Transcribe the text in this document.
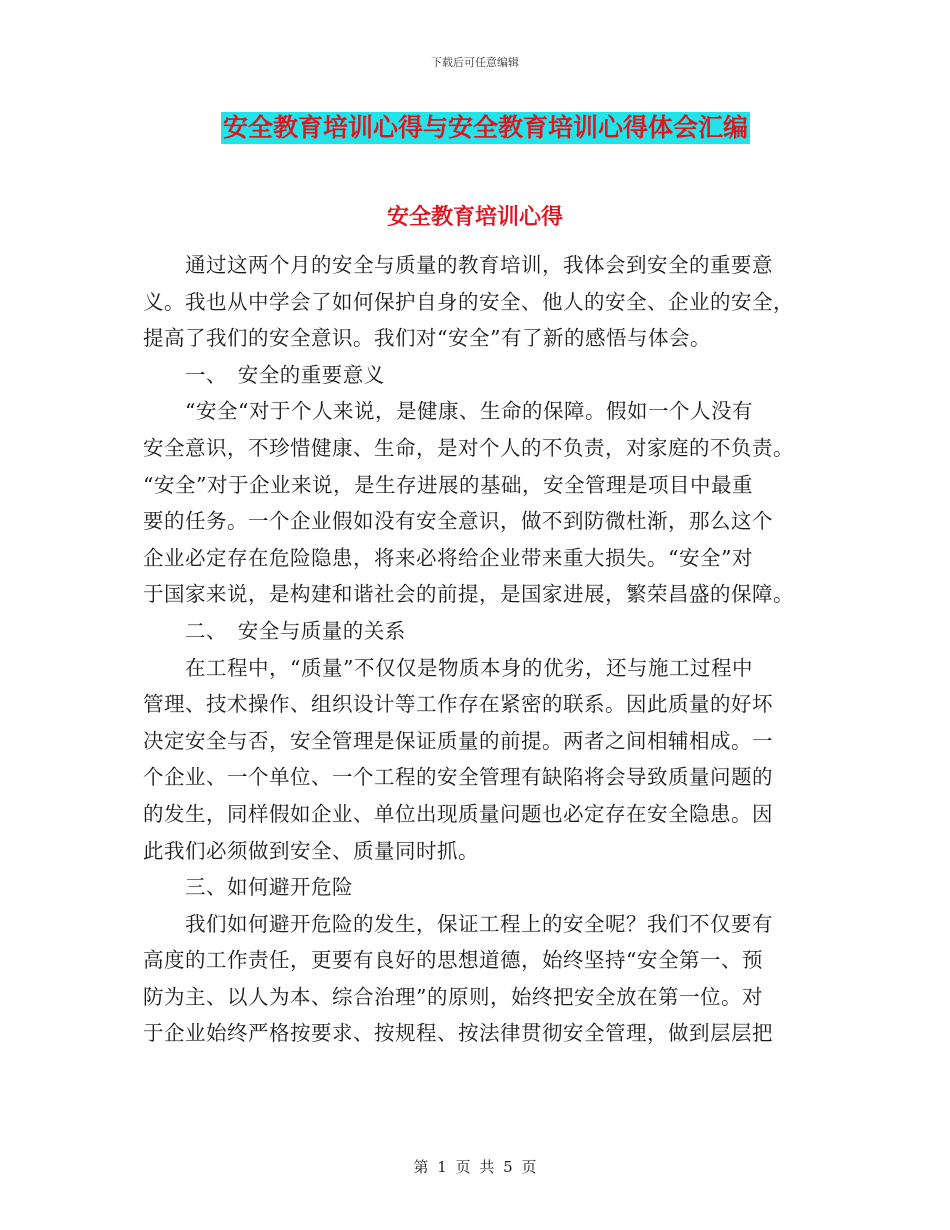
下载后可任意编辑
安全教育培训心得与安全教育培训心得体会汇编
安全教育培训心得

　　通过这两个月的安全与质量的教育培训，我体会到安全的重要意

义。我也从中学会了如何保护自身的安全、他人的安全、企业的安全，

提高了我们的安全意识。我们对“安全”有了新的感悟与体会。

　　一、　安全的重要意义

　　“安全“对于个人来说，是健康、生命的保障。假如一个人没有

安全意识，不珍惜健康、生命，是对个人的不负责，对家庭的不负责。

“安全”对于企业来说，是生存进展的基础，安全管理是项目中最重

要的任务。一个企业假如没有安全意识，做不到防微杜渐，那么这个

企业必定存在危险隐患，将来必将给企业带来重大损失。“安全”对

于国家来说，是构建和谐社会的前提，是国家进展，繁荣昌盛的保障。

　　二、　安全与质量的关系

　　在工程中，“质量”不仅仅是物质本身的优劣，还与施工过程中

管理、技术操作、组织设计等工作存在紧密的联系。因此质量的好坏

决定安全与否，安全管理是保证质量的前提。两者之间相辅相成。一

个企业、一个单位、一个工程的安全管理有缺陷将会导致质量问题的

的发生，同样假如企业、单位出现质量问题也必定存在安全隐患。因

此我们必须做到安全、质量同时抓。

　　三、如何避开危险

　　我们如何避开危险的发生，保证工程上的安全呢？我们不仅要有

高度的工作责任，更要有良好的思想道德，始终坚持“安全第一、预

防为主、以人为本、综合治理”的原则，始终把安全放在第一位。对

于企业始终严格按要求、按规程、按法律贯彻安全管理，做到层层把

第 1 页 共 5 页
